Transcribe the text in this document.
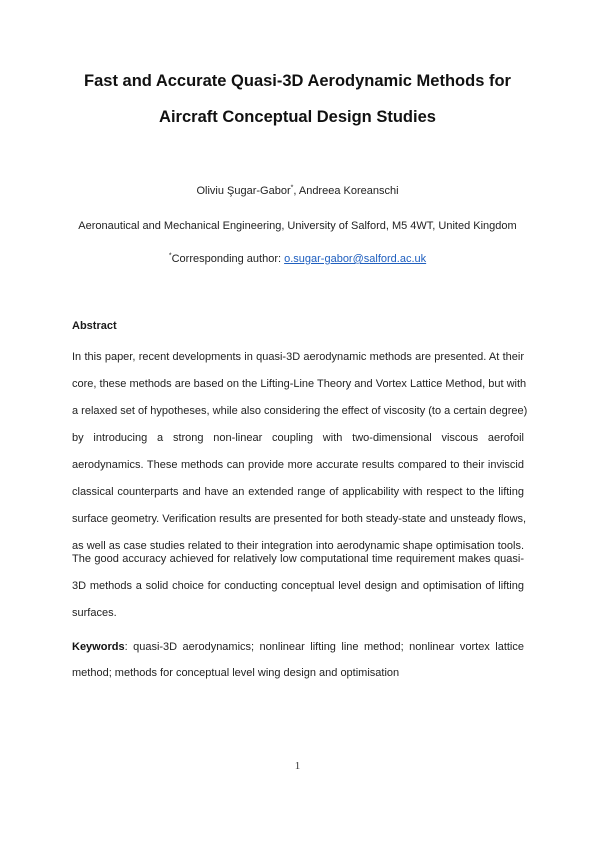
Fast and Accurate Quasi-3D Aerodynamic Methods for
Aircraft Conceptual Design Studies
Oliviu Şugar-Gabor*, Andreea Koreanschi
Aeronautical and Mechanical Engineering, University of Salford, M5 4WT, United Kingdom
*Corresponding author: o.sugar-gabor@salford.ac.uk
Abstract
In this paper, recent developments in quasi-3D aerodynamic methods are presented. At their
core, these methods are based on the Lifting-Line Theory and Vortex Lattice Method, but with
a relaxed set of hypotheses, while also considering the effect of viscosity (to a certain degree)
by introducing a strong non-linear coupling with two-dimensional viscous aerofoil
aerodynamics. These methods can provide more accurate results compared to their inviscid
classical counterparts and have an extended range of applicability with respect to the lifting
surface geometry. Verification results are presented for both steady-state and unsteady flows,
as well as case studies related to their integration into aerodynamic shape optimisation tools.
The good accuracy achieved for relatively low computational time requirement makes quasi-
3D methods a solid choice for conducting conceptual level design and optimisation of lifting
surfaces.
Keywords: quasi-3D aerodynamics; nonlinear lifting line method; nonlinear vortex lattice
method; methods for conceptual level wing design and optimisation
1
